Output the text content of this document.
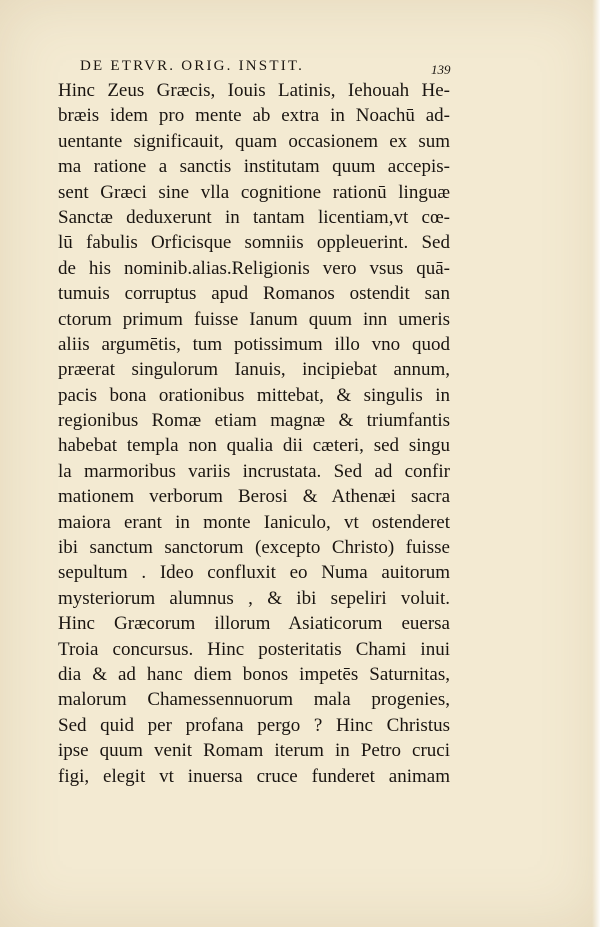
DE ETRVR. ORIG. INSTIT.	139
Hinc Zeus Græcis, Iouis Latinis, Iehouah He-
bræis idem pro mente ab extra in Noachū ad-
uentante significauit, quam occasionem ex sum
ma ratione a sanctis institutam quum accepis-
sent Græci sine vlla cognitione rationū linguæ
Sanctæ deduxerunt in tantam licentiam,vt cœ-
lū fabulis Orficisque somniis oppleuerint. Sed
de his nominib.alias.Religionis vero vsus quā-
tumuis corruptus apud Romanos ostendit san
ctorum primum fuisse Ianum quum inn umeris
aliis argumētis, tum potissimum illo vno quod
præerat singulorum Ianuis, incipiebat annum,
pacis bona orationibus mittebat, & singulis in
regionibus Romæ etiam magnæ & triumfantis
habebat templa non qualia dii cæteri, sed singu
la marmoribus variis incrustata. Sed ad confir
mationem verborum Berosi & Athenæi sacra
maiora erant in monte Ianiculo, vt ostenderet
ibi sanctum sanctorum (excepto Christo) fuisse
sepultum . Ideo confluxit eo Numa auitorum
mysteriorum alumnus , & ibi sepeliri voluit.
Hinc Græcorum illorum Asiaticorum euersa
Troia concursus. Hinc posteritatis Chami inui
dia & ad hanc diem bonos impetēs Saturnitas,
malorum Chamessennuorum mala progenies,
Sed quid per profana pergo ? Hinc Christus
ipse quum venit Romam iterum in Petro cruci
figi, elegit vt inuersa cruce funderet animam
